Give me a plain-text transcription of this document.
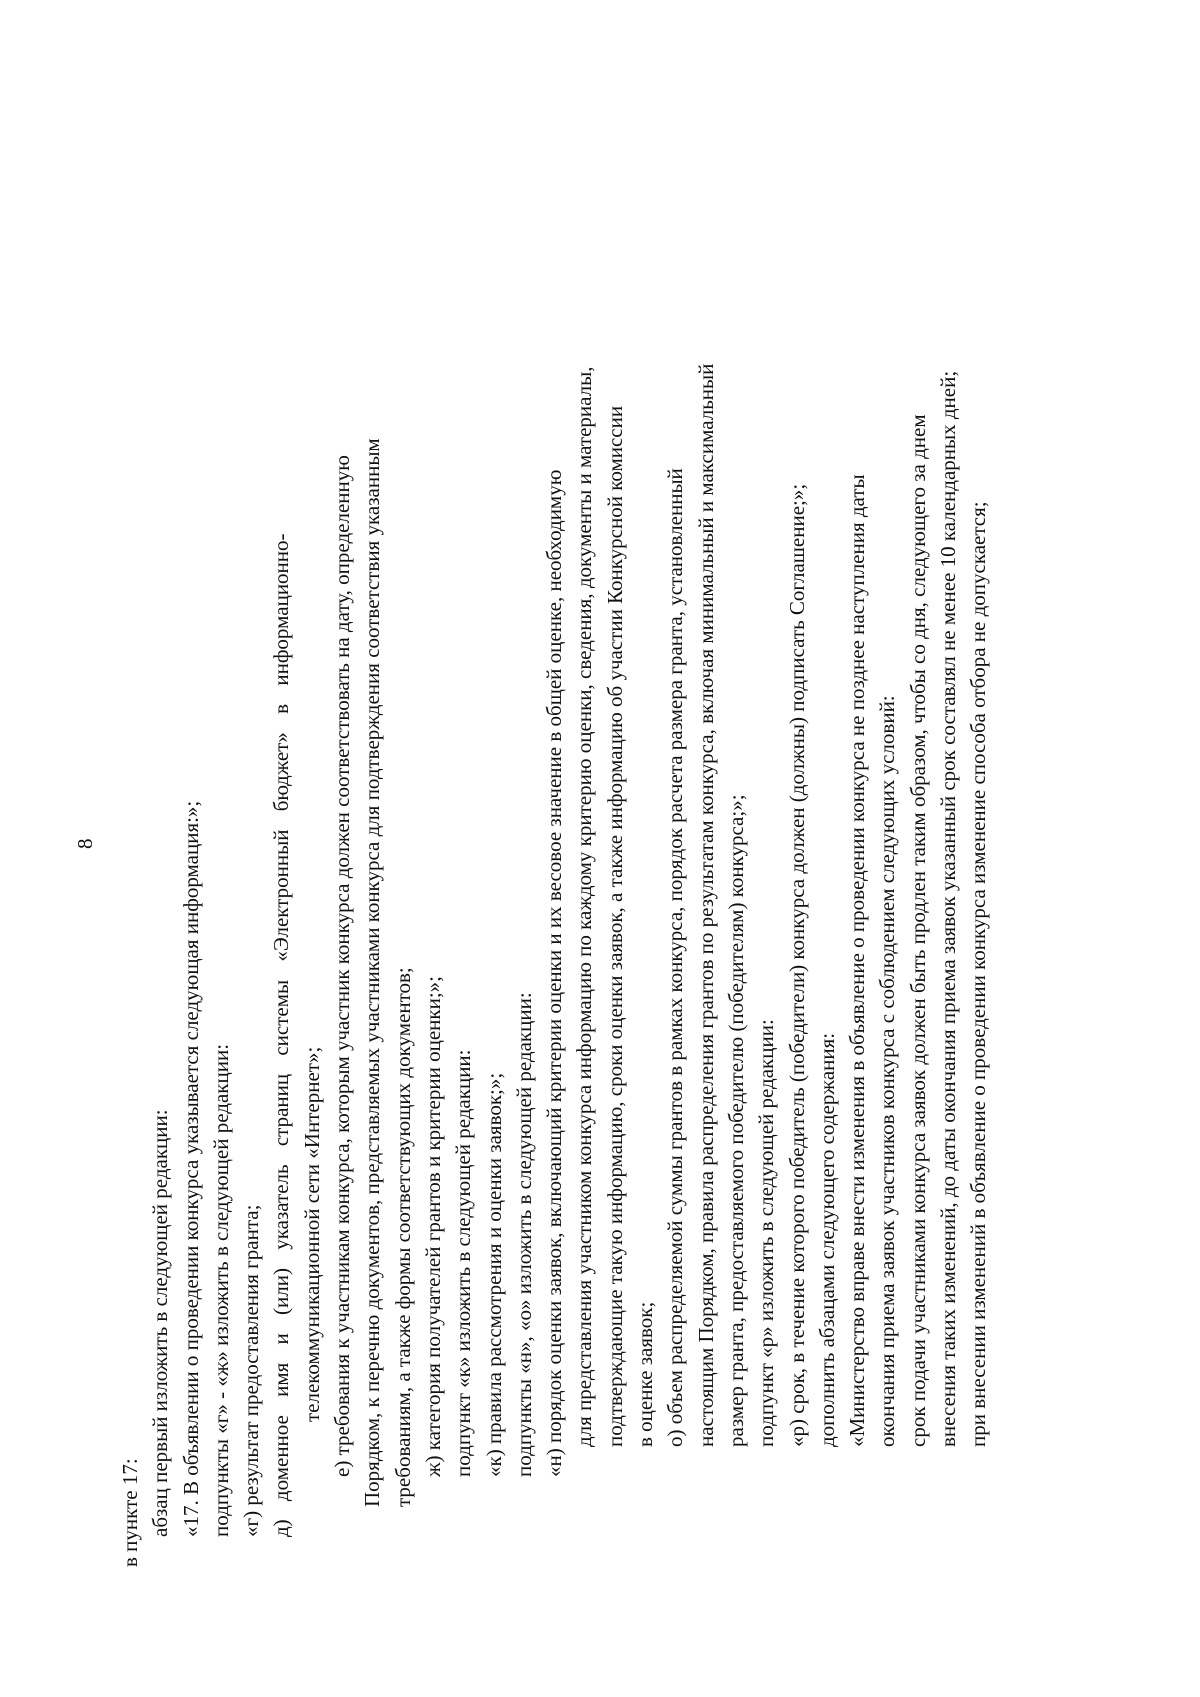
8
в пункте 17: абзац первый изложить в следующей редакции: «17. В объявлении о проведении конкурса указывается следующая информация:»; подпункты «г» - «ж» изложить в следующей редакции: «г) результат предоставления гранта; д) доменное имя и (или) указатель страниц системы «Электронный бюджет» в информационно- телекоммуникационной сети «Интернет»; е) требования к участникам конкурса, которым участник конкурса должен соответствовать на дату, определенную Порядком, к перечню документов, представляемых участниками конкурса для подтверждения соответствия указанным требованиям, а также формы соответствующих документов; ж) категория получателей грантов и критерии оценки;»; подпункт «к» изложить в следующей редакции: «к) правила рассмотрения и оценки заявок;»; подпункты «н», «о» изложить в следующей редакции: «н) порядок оценки заявок, включающий критерии оценки и их весовое значение в общей оценке, необходимую для представления участником конкурса информацию по каждому критерию оценки, сведения, документы и материалы, подтверждающие такую информацию, сроки оценки заявок, а также информацию об участии Конкурсной комиссии в оценке заявок; о) объем распределяемой суммы грантов в рамках конкурса, порядок расчета размера гранта, установленный настоящим Порядком, правила распределения грантов по результатам конкурса, включая минимальный и максимальный размер гранта, предоставляемого победителю (победителям) конкурса;»; подпункт «р» изложить в следующей редакции: «р) срок, в течение которого победитель (победители) конкурса должен (должны) подписать Соглашение;»; дополнить абзацами следующего содержания: «Министерство вправе внести изменения в объявление о проведении конкурса не позднее наступления даты окончания приема заявок участников конкурса с соблюдением следующих условий: срок подачи участниками конкурса заявок должен быть продлен таким образом, чтобы со дня, следующего за днем внесения таких изменений, до даты окончания приема заявок указанный срок составлял не менее 10 календарных дней; при внесении изменений в объявление о проведении конкурса изменение способа отбора не допускается;
